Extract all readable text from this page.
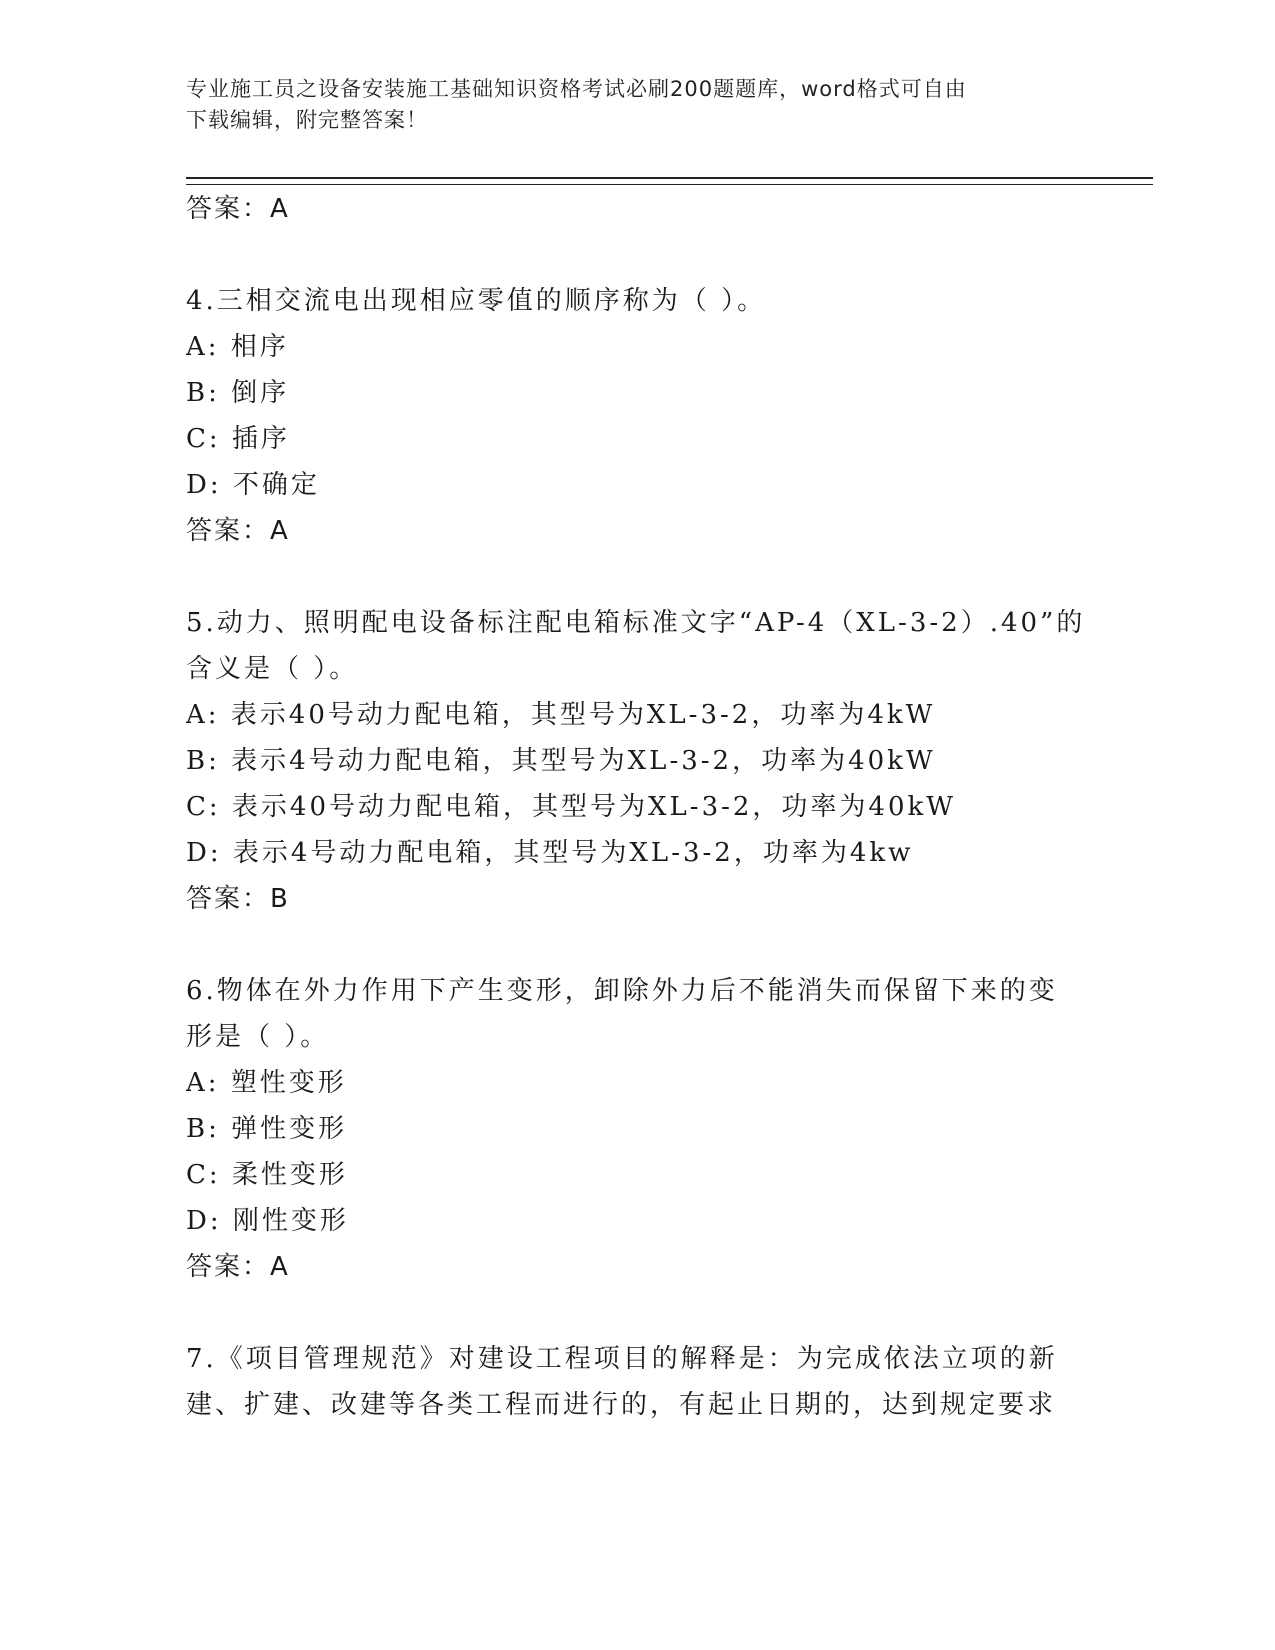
专业施工员之设备安装施工基础知识资格考试必刷200题题库，word格式可自由
下载编辑，附完整答案！
答案：A
4.三相交流电出现相应零值的顺序称为（ ）。
A: 相序
B: 倒序
C: 插序
D: 不确定
答案：A
5.动力、照明配电设备标注配电箱标准文字“AP-4（XL-3-2）.40”的
含义是（ ）。
A: 表示40号动力配电箱，其型号为XL-3-2，功率为4kW
B: 表示4号动力配电箱，其型号为XL-3-2，功率为40kW
C: 表示40号动力配电箱，其型号为XL-3-2，功率为40kW
D: 表示4号动力配电箱，其型号为XL-3-2，功率为4kw
答案：B
6.物体在外力作用下产生变形，卸除外力后不能消失而保留下来的变
形是（ ）。
A: 塑性变形
B: 弹性变形
C: 柔性变形
D: 刚性变形
答案：A
7.《项目管理规范》对建设工程项目的解释是：为完成依法立项的新
建、扩建、改建等各类工程而进行的，有起止日期的，达到规定要求
